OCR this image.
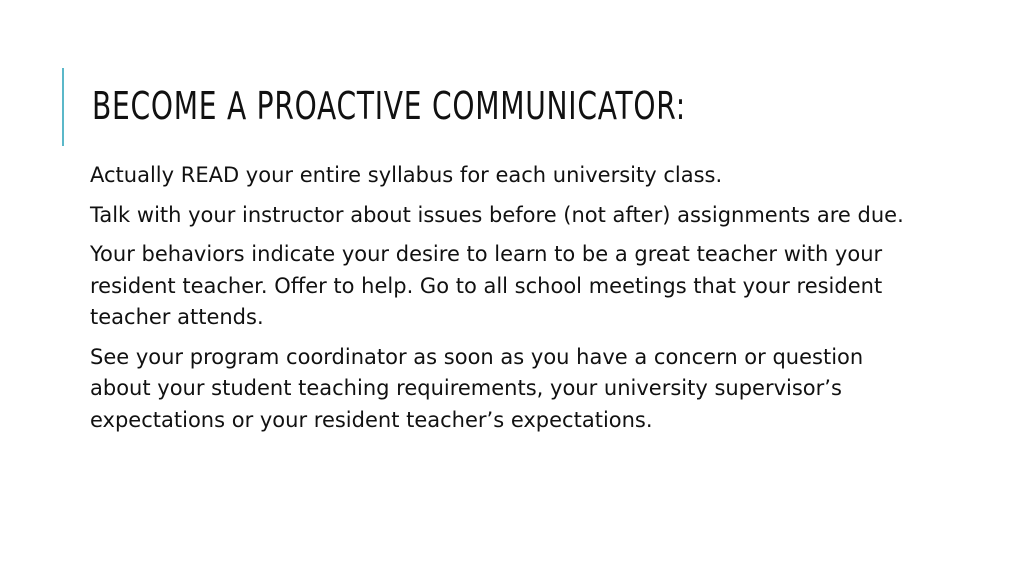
BECOME A PROACTIVE COMMUNICATOR:

Actually READ your entire syllabus for each university class.

Talk with your instructor about issues before (not after) assignments are due.

Your behaviors indicate your desire to learn to be a great teacher with your resident teacher. Offer to help. Go to all school meetings that your resident teacher attends.

See your program coordinator as soon as you have a concern or question about your student teaching requirements, your university supervisor’s expectations or your resident teacher’s expectations.
